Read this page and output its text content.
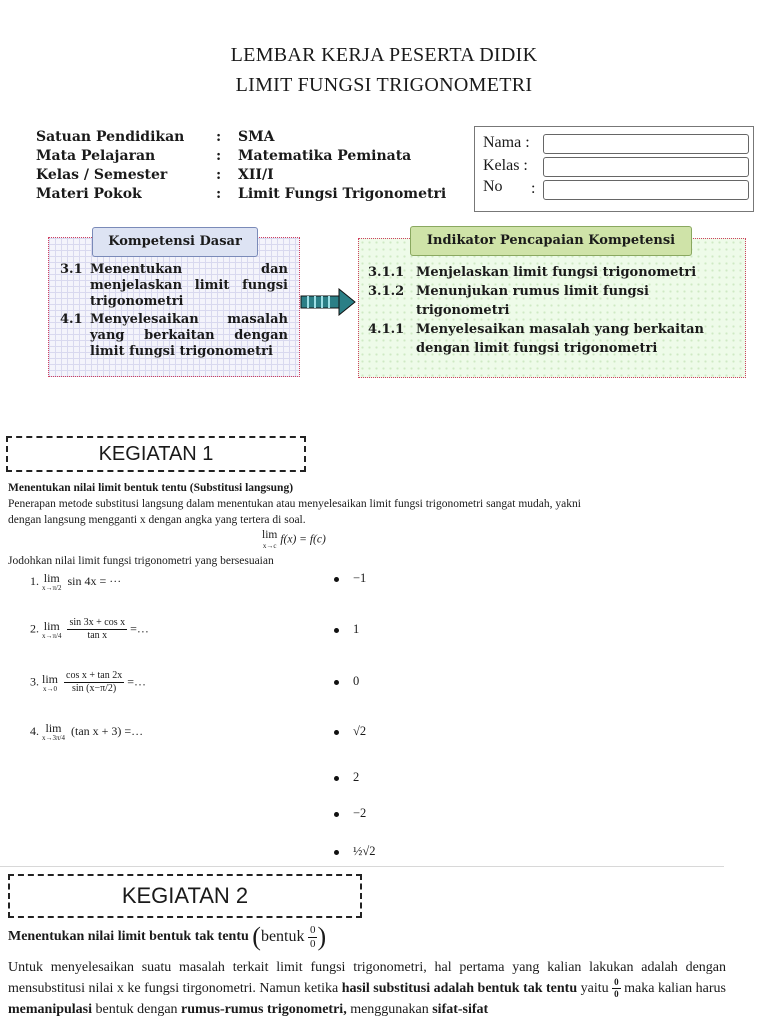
LEMBAR KERJA PESERTA DIDIK
LIMIT FUNGSI TRIGONOMETRI
Satuan Pendidikan : SMA
Mata Pelajaran	: Matematika Peminata
Kelas / Semester	: XII/I
Materi Pokok	: Limit Fungsi Trigonometri
Nama :
Kelas :
No :
Kompetensi Dasar
3.1 Menentukan dan menjelaskan limit fungsi trigonometri
4.1 Menyelesaikan masalah yang berkaitan dengan limit fungsi trigonometri
Indikator Pencapaian Kompetensi
3.1.1 Menjelaskan limit fungsi trigonometri
3.1.2 Menunjukan rumus limit fungsi trigonometri
4.1.1 Menyelesaikan masalah yang berkaitan dengan limit fungsi trigonometri
KEGIATAN 1
Menentukan nilai limit bentuk tentu (Substitusi langsung)
Penerapan metode substitusi langsung dalam menentukan atau menyelesaikan limit fungsi trigonometri sangat mudah, yakni dengan langsung mengganti x dengan angka yang tertera di soal.
lim
x→c
f(x) = f(c)
Jodohkan nilai limit fungsi trigonometri yang bersesuaian
1. lim
x→π/2
sin 4x = ···
2. lim
x→π/4
$\frac{\text{sin 3x + cos x}}{\text{tan x}}$ =…
3. lim
x→0
$\frac{\text{cos x + tan 2x}}{\sin (x-\pi/2)}$ =…
4. lim
x→3π/4
(tan x + 3) =…
−1
1
0
√2
2
−2
½√2
KEGIATAN 2
Menentukan nilai limit bentuk tak tentu (bentuk $\frac{0}{0}$ )
Untuk menyelesaikan suatu masalah terkait limit fungsi trigonometri, hal pertama yang kalian lakukan adalah dengan mensubstitusi nilai x ke fungsi tirgonometri. Namun ketika hasil substitusi adalah bentuk tak tentu yaitu $\frac{0}{0}$ maka kalian harus memanipulasi bentuk dengan rumus-rumus trigonometri, menggunakan sifat-sifat
